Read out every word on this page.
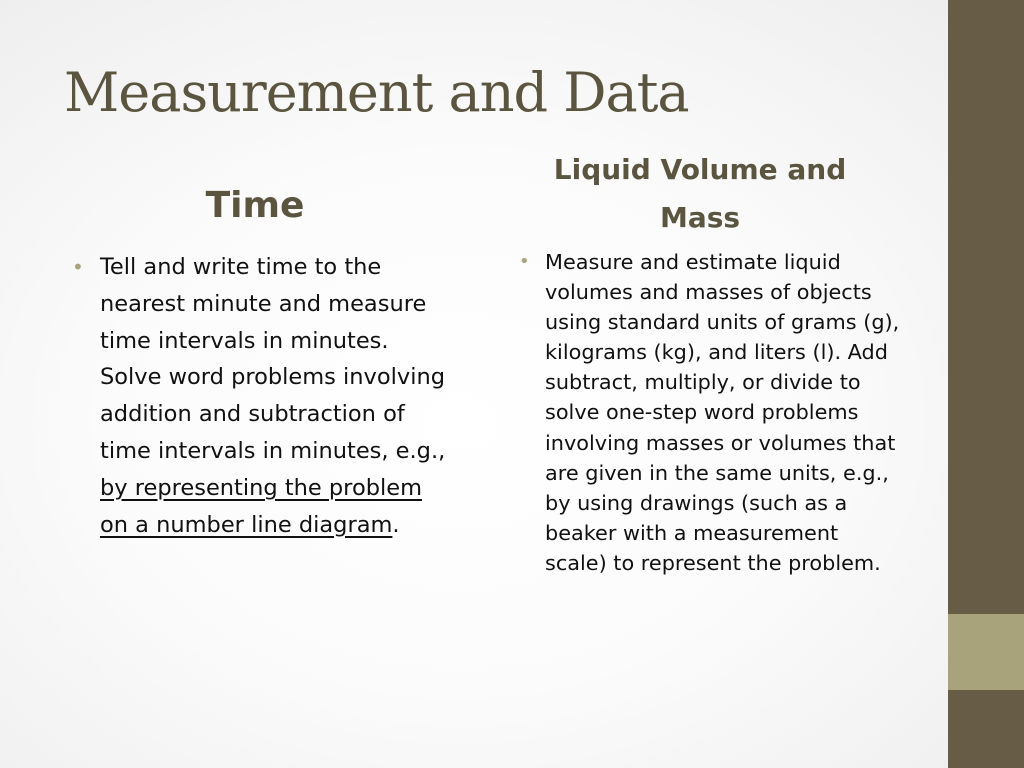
Measurement and Data
Time
Liquid Volume and Mass

• Tell and write time to the nearest minute and measure time intervals in minutes. Solve word problems involving addition and subtraction of time intervals in minutes, e.g., by representing the problem on a number line diagram.

• Measure and estimate liquid volumes and masses of objects using standard units of grams (g), kilograms (kg), and liters (l). Add subtract, multiply, or divide to solve one-step word problems involving masses or volumes that are given in the same units, e.g., by using drawings (such as a beaker with a measurement scale) to represent the problem.
